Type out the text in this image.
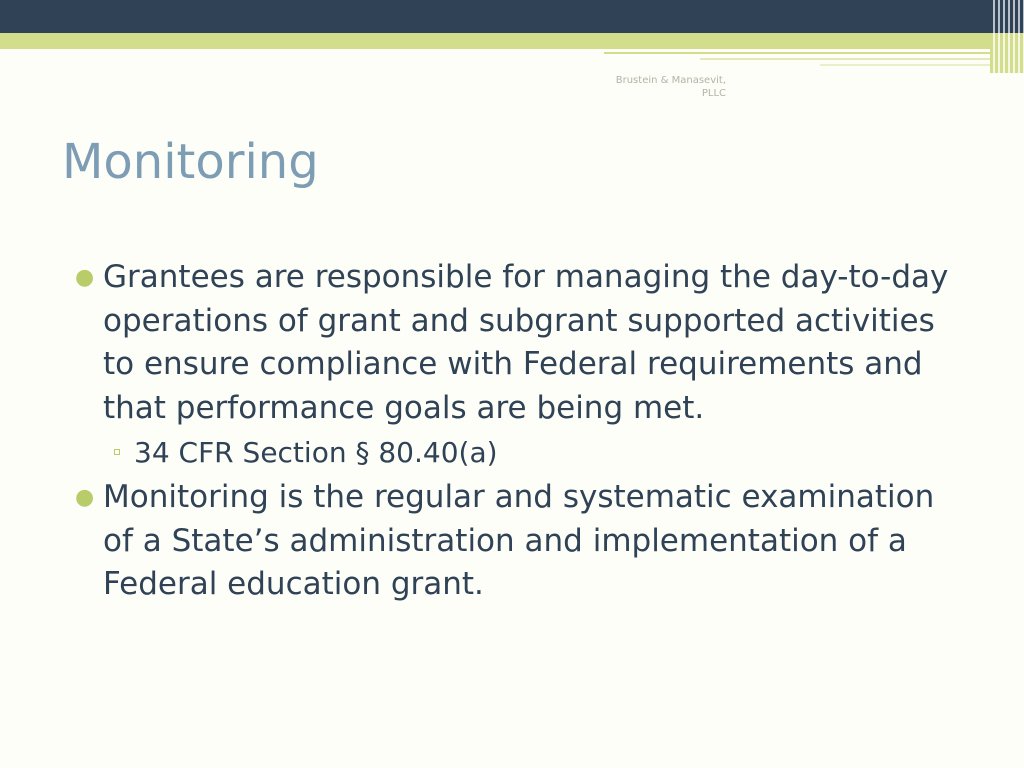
Brustein & Manasevit,
PLLC
Monitoring
● Grantees are responsible for managing the day-to-day operations of grant and subgrant supported activities to ensure compliance with Federal requirements and that performance goals are being met.
34 CFR Section § 80.40(a)
● Monitoring is the regular and systematic examination of a State’s administration and implementation of a Federal education grant.
